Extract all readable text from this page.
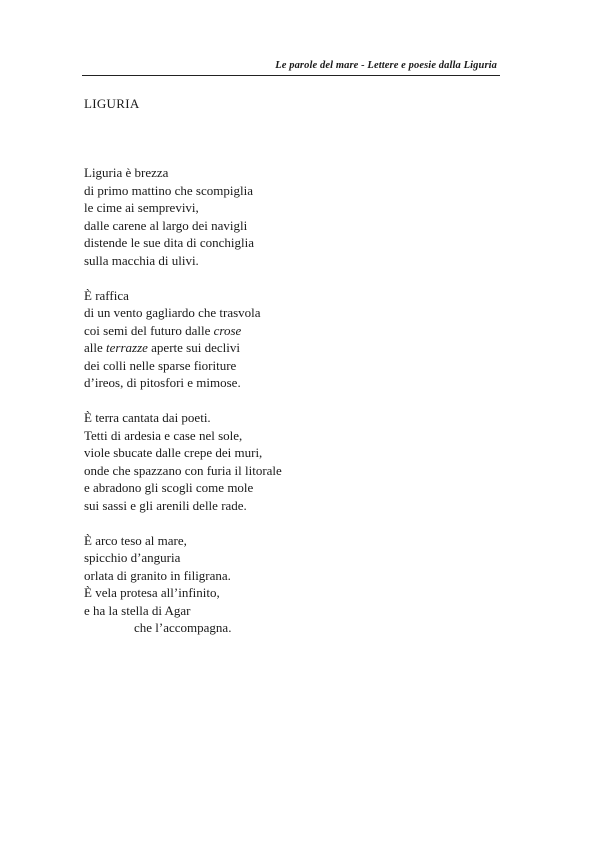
Le parole del mare - Lettere e poesie dalla Liguria
LIGURIA
Liguria è brezza
di primo mattino che scompiglia
le cime ai semprevivi,
dalle carene al largo dei navigli
distende le sue dita di conchiglia
sulla macchia di ulivi.
È raffica
di un vento gagliardo che trasvola
coi semi del futuro dalle crose
alle terrazze aperte sui declivi
dei colli nelle sparse fioriture
d’ireos, di pitosfori e mimose.
È terra cantata dai poeti.
Tetti di ardesia e case nel sole,
viole sbucate dalle crepe dei muri,
onde che spazzano con furia il litorale
e abradono gli scogli come mole
sui sassi e gli arenili delle rade.
È arco teso al mare,
spicchio d’anguria
orlata di granito in filigrana.
È vela protesa all’infinito,
e ha la stella di Agar
che l’accompagna.
